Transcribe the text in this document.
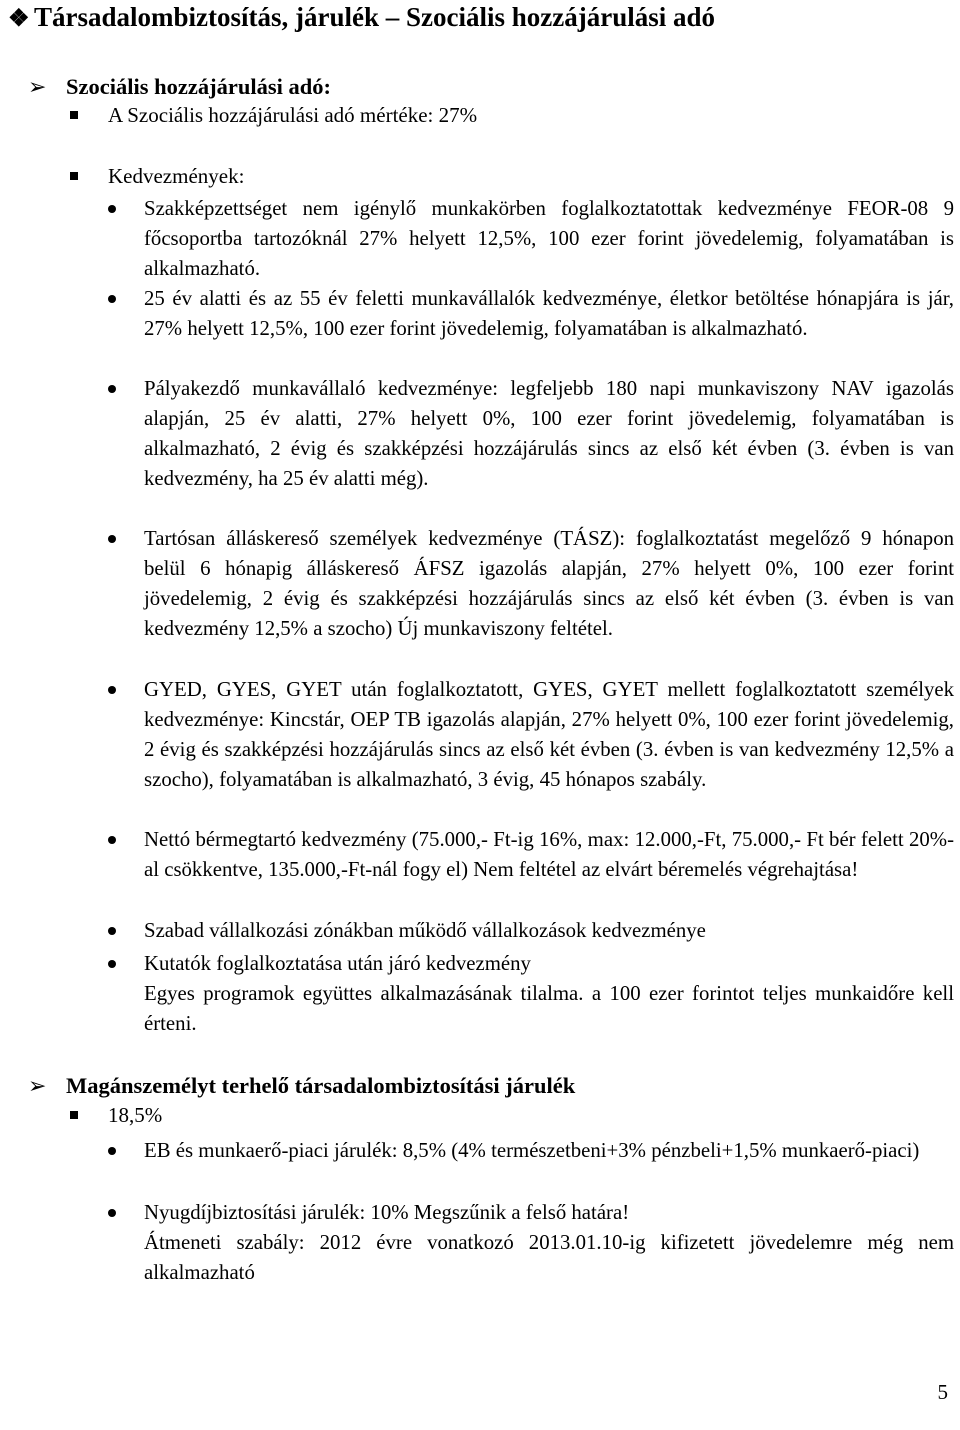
❖ Társadalombiztosítás, járulék – Szociális hozzájárulási adó
➢ Szociális hozzájárulási adó:
A Szociális hozzájárulási adó mértéke: 27%
Kedvezmények:
Szakképzettséget nem igénylő munkakörben foglalkoztatottak kedvezménye FEOR-08 9 főcsoportba tartozóknál 27% helyett 12,5%, 100 ezer forint jövedelemig, folyamatában is alkalmazható.
25 év alatti és az 55 év feletti munkavállalók kedvezménye, életkor betöltése hónapjára is jár, 27% helyett 12,5%, 100 ezer forint jövedelemig, folyamatában is alkalmazható.
Pályakezdő munkavállaló kedvezménye: legfeljebb 180 napi munkaviszony NAV igazolás alapján, 25 év alatti, 27% helyett 0%, 100 ezer forint jövedelemig, folyamatában is alkalmazható, 2 évig és szakképzési hozzájárulás sincs az első két évben (3. évben is van kedvezmény, ha 25 év alatti még).
Tartósan álláskereső személyek kedvezménye (TÁSZ): foglalkoztatást megelőző 9 hónapon belül 6 hónapig álláskereső ÁFSZ igazolás alapján, 27% helyett 0%, 100 ezer forint jövedelemig, 2 évig és szakképzési hozzájárulás sincs az első két évben (3. évben is van kedvezmény 12,5% a szocho) Új munkaviszony feltétel.
GYED, GYES, GYET után foglalkoztatott, GYES, GYET mellett foglalkoztatott személyek kedvezménye: Kincstár, OEP TB igazolás alapján, 27% helyett 0%, 100 ezer forint jövedelemig, 2 évig és szakképzési hozzájárulás sincs az első két évben (3. évben is van kedvezmény 12,5% a szocho), folyamatában is alkalmazható, 3 évig, 45 hónapos szabály.
Nettó bérmegtartó kedvezmény (75.000,- Ft-ig 16%, max: 12.000,-Ft, 75.000,- Ft bér felett 20%-al csökkentve, 135.000,-Ft-nál fogy el) Nem feltétel az elvárt béremelés végrehajtása!
Szabad vállalkozási zónákban működő vállalkozások kedvezménye
Kutatók foglalkoztatása után járó kedvezmény
Egyes programok együttes alkalmazásának tilalma. a 100 ezer forintot teljes munkaidőre kell érteni.
➢ Magánszemélyt terhelő társadalombiztosítási járulék
18,5%
EB és munkaerő-piaci járulék: 8,5% (4% természetbeni+3% pénzbeli+1,5% munkaerő-piaci)
Nyugdíjbiztosítási járulék: 10% Megszűnik a felső határa!
Átmeneti szabály: 2012 évre vonatkozó 2013.01.10-ig kifizetett jövedelemre még nem alkalmazható
5
